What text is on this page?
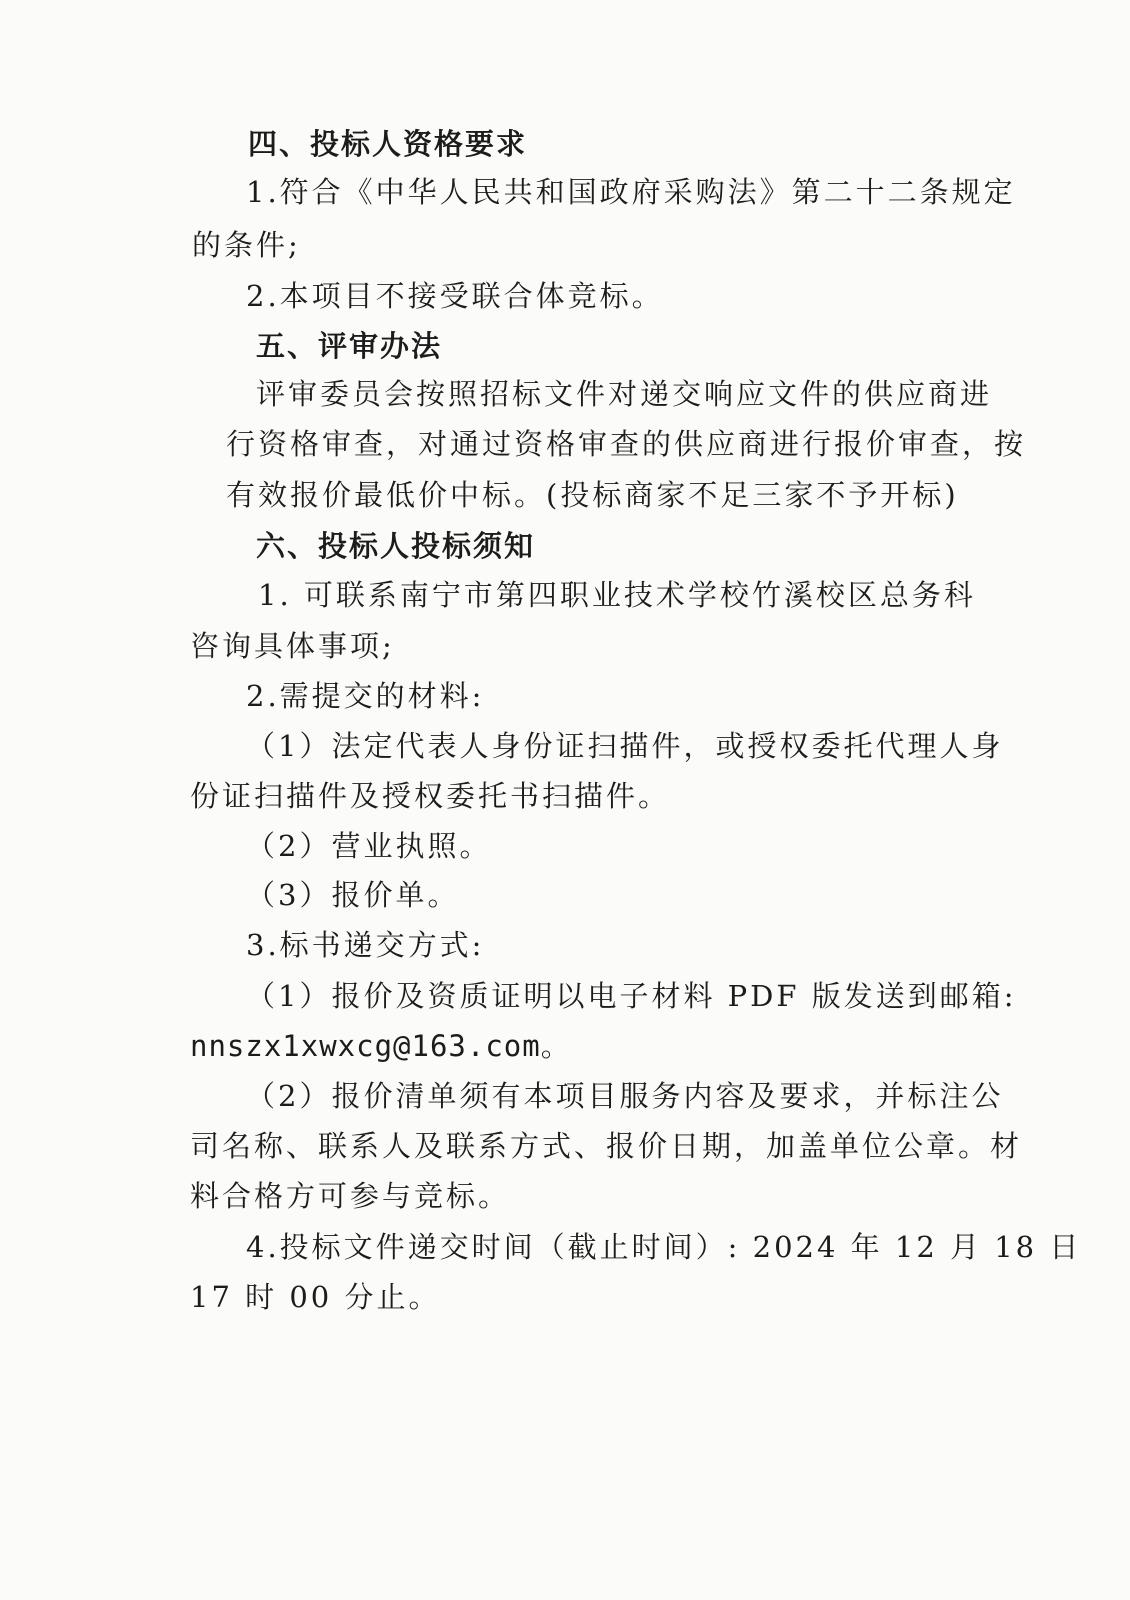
四、投标人资格要求
1.符合《中华人民共和国政府采购法》第二十二条规定
的条件;
2.本项目不接受联合体竞标。
五、评审办法
评审委员会按照招标文件对递交响应文件的供应商进
行资格审查，对通过资格审查的供应商进行报价审查，按
有效报价最低价中标。(投标商家不足三家不予开标)
六、投标人投标须知
1. 可联系南宁市第四职业技术学校竹溪校区总务科
咨询具体事项;
2.需提交的材料:
（1）法定代表人身份证扫描件，或授权委托代理人身
份证扫描件及授权委托书扫描件。
（2）营业执照。
（3）报价单。
3.标书递交方式:
（1）报价及资质证明以电子材料 PDF 版发送到邮箱:
nnszx1xwxcg@163.com。
（2）报价清单须有本项目服务内容及要求，并标注公
司名称、联系人及联系方式、报价日期，加盖单位公章。材
料合格方可参与竞标。
4.投标文件递交时间（截止时间）: 2024 年 12 月 18 日
17 时 00 分止。
